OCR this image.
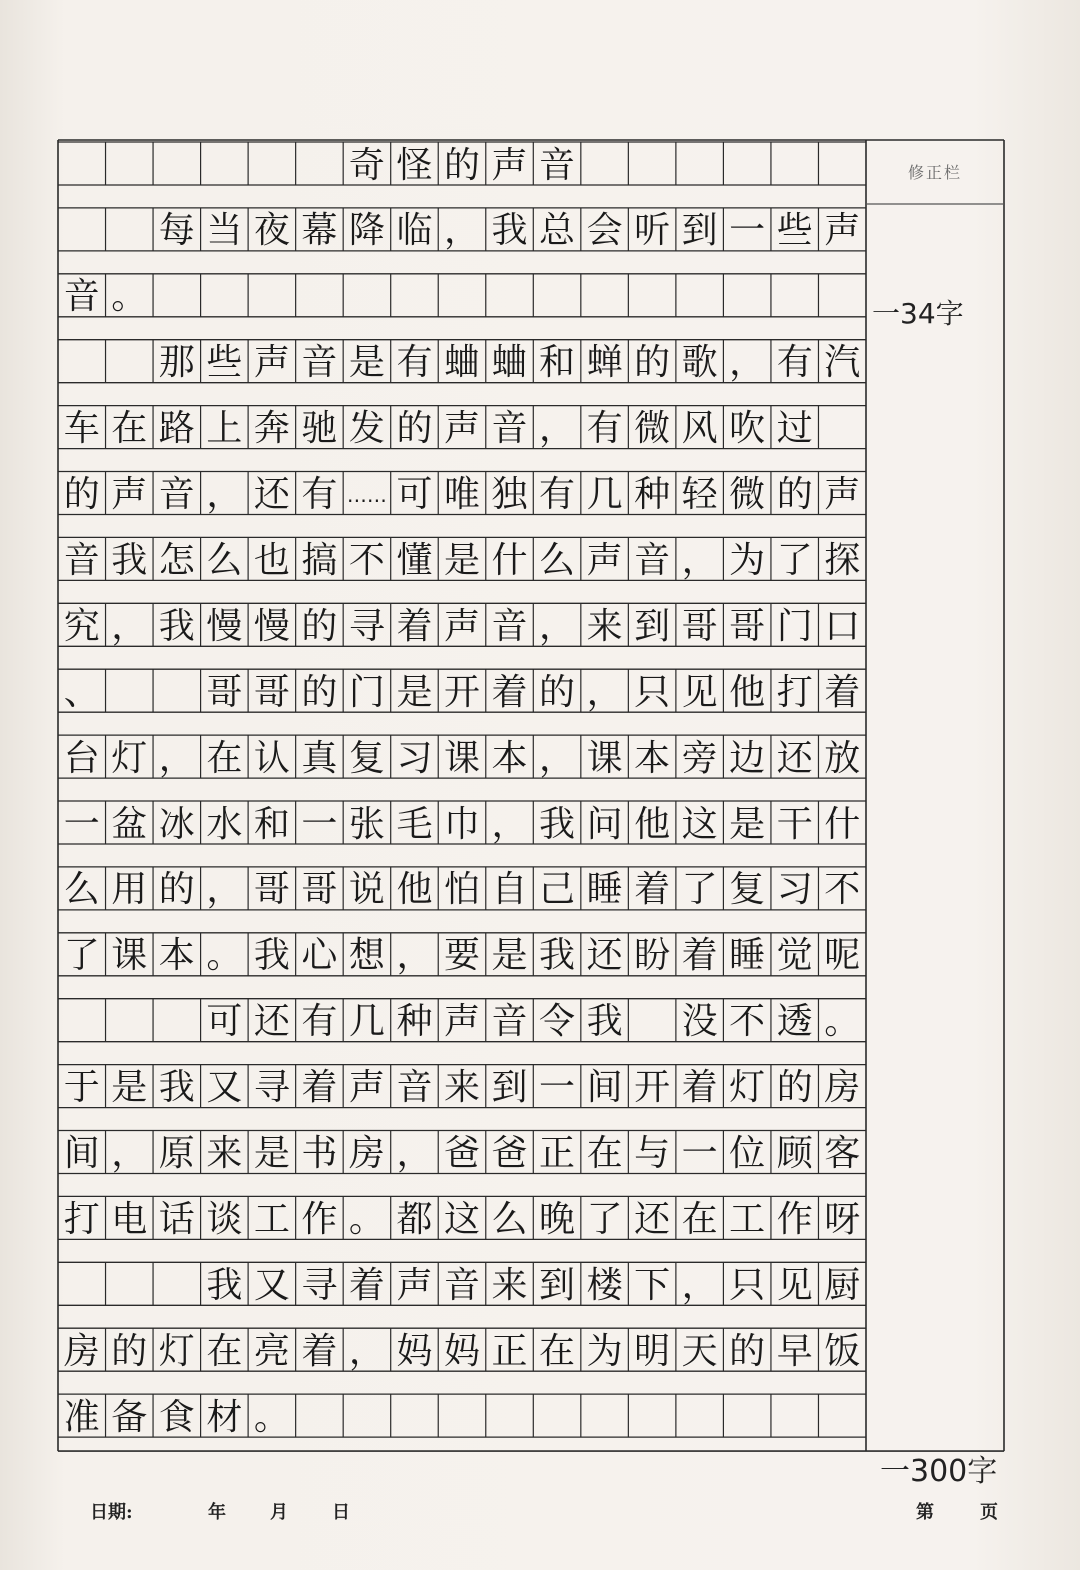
奇 怪 的 声 音
每 当 夜 幕 降 临 ， 我 总 会 听 到 一 些 声
音 。
那 些 声 音 是 有 蛐 蛐 和 蝉 的 歌 ， 有 汽
车 在 路 上 奔 驰 发 的 声 音 ， 有 微 风 吹 过
的 声 音 ， 还 有 …… 可 唯 独 有 几 种 轻 微 的 声
音 我 怎 么 也 搞 不 懂 是 什 么 声 音 ， 为 了 探
究 ， 我 慢 慢 的 寻 着 声 音 ， 来 到 哥 哥 门 口
、	哥 哥 的 门 是 开 着 的 ， 只 见 他 打 着
台 灯 ， 在 认 真 复 习 课 本 ， 课 本 旁 边 还 放
一 盆 冰 水 和 一 张 毛 巾 ， 我 问 他 这 是 干 什
么 用 的 ， 哥 哥 说 他 怕 自 己 睡 着 了 复 习 不
了 课 本 。 我 心 想 ， 要 是 我 还 盼 着 睡 觉 呢
可 还 有 几 种 声 音 令 我 没 不 透 。
于 是 我 又 寻 着 声 音 来 到 一 间 开 着 灯 的 房
间 ， 原 来 是 书 房 ， 爸 爸 正 在 与 一 位 顾 客
打 电 话 谈 工 作 。 都 这 么 晚 了 还 在 工 作 呀
我 又 寻 着 声 音 来 到 楼 下 ， 只 见 厨
房 的 灯 在 亮 着 ， 妈 妈 正 在 为 明 天 的 早 饭
准 备 食 材 。
修正栏
一34字
一300字
日期:	年 月 日	第	页
